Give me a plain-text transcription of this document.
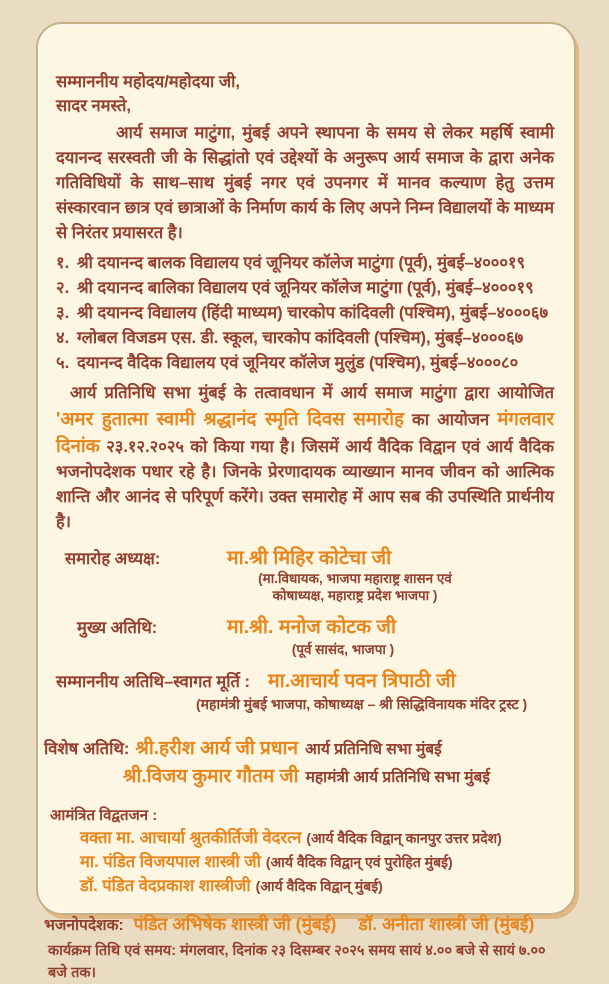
सम्माननीय महोदय/महोदया जी,

सादर नमस्ते,

आर्य समाज माटुंगा, मुंबई अपने स्थापना के समय से लेकर महर्षि स्वामी दयानन्द सरस्वती जी के सिद्धांतो एवं उद्देश्यों के अनुरूप आर्य समाज के द्वारा अनेक गतिविधियों के साथ–साथ मुंबई नगर एवं उपनगर में मानव कल्याण हेतु उत्तम संस्कारवान छात्र एवं छात्राओं के निर्माण कार्य के लिए अपने निम्न विद्यालयों के माध्यम से निरंतर प्रयासरत है।

१. श्री दयानन्द बालक विद्यालय एवं जूनियर कॉलेज माटुंगा (पूर्व), मुंबई–४०००१९
२. श्री दयानन्द बालिका विद्यालय एवं जूनियर कॉलेज माटुंगा (पूर्व), मुंबई–४०००१९
३. श्री दयानन्द विद्यालय (हिंदी माध्यम) चारकोप कांदिवली (पश्चिम), मुंबई–४०००६७
४. ग्लोबल विजडम एस. डी. स्कूल, चारकोप कांदिवली (पश्चिम), मुंबई–४०००६७
५. दयानन्द वैदिक विद्यालय एवं जूनियर कॉलेज मुलुंड (पश्चिम), मुंबई–४०००८०

आर्य प्रतिनिधि सभा मुंबई के तत्वावधान में आर्य समाज माटुंगा द्वारा आयोजित 'अमर हुतात्मा स्वामी श्रद्धानंद स्मृति दिवस समारोह का आयोजन मंगलवार दिनांक २३.१२.२०२५ को किया गया है। जिसमें आर्य वैदिक विद्वान एवं आर्य वैदिक भजनोपदेशक पधार रहे है। जिनके प्रेरणादायक व्याख्यान मानव जीवन को आत्मिक शान्ति और आनंद से परिपूर्ण करेंगे। उक्त समारोह में आप सब की उपस्थिति प्रार्थनीय है।

समारोह अध्यक्ष:	मा.श्री मिहिर कोटेचा जी
(मा.विधायक, भाजपा महाराष्ट्र शासन एवं
कोषाध्यक्ष, महाराष्ट्र प्रदेश भाजपा )
मुख्य अतिथि:	मा.श्री. मनोज कोटक जी
(पूर्व सासंद, भाजपा )
सम्माननीय अतिथि–स्वागत मूर्ति : मा.आचार्य पवन त्रिपाठी जी
(महामंत्री मुंबई भाजपा, कोषाध्यक्ष – श्री सिद्धिविनायक मंदिर ट्रस्ट )
विशेष अतिथि: श्री.हरीश आर्य जी प्रधान आर्य प्रतिनिधि सभा मुंबई
श्री.विजय कुमार गौतम जी महामंत्री आर्य प्रतिनिधि सभा मुंबई
आमंत्रित विद्वतजन :
वक्ता मा. आचार्या श्रुतकीर्तिजी वेदरत्न (आर्य वैदिक विद्वान् कानपुर उत्तर प्रदेश)
मा. पंडित विजयपाल शास्त्री जी (आर्य वैदिक विद्वान् एवं पुरोहित मुंबई)
डॉ. पंडित वेदप्रकाश शास्त्रीजी (आर्य वैदिक विद्वान् मुंबई)
भजनोपदेशक: पंडित अभिषेक शास्त्री जी (मुंबई) डॉ. अनीता शास्त्री जी (मुंबई)
कार्यक्रम तिथि एवं समय: मंगलवार, दिनांक २३ दिसम्बर २०२५ समय सायं ४.०० बजे से सायं ७.०० बजे तक।
